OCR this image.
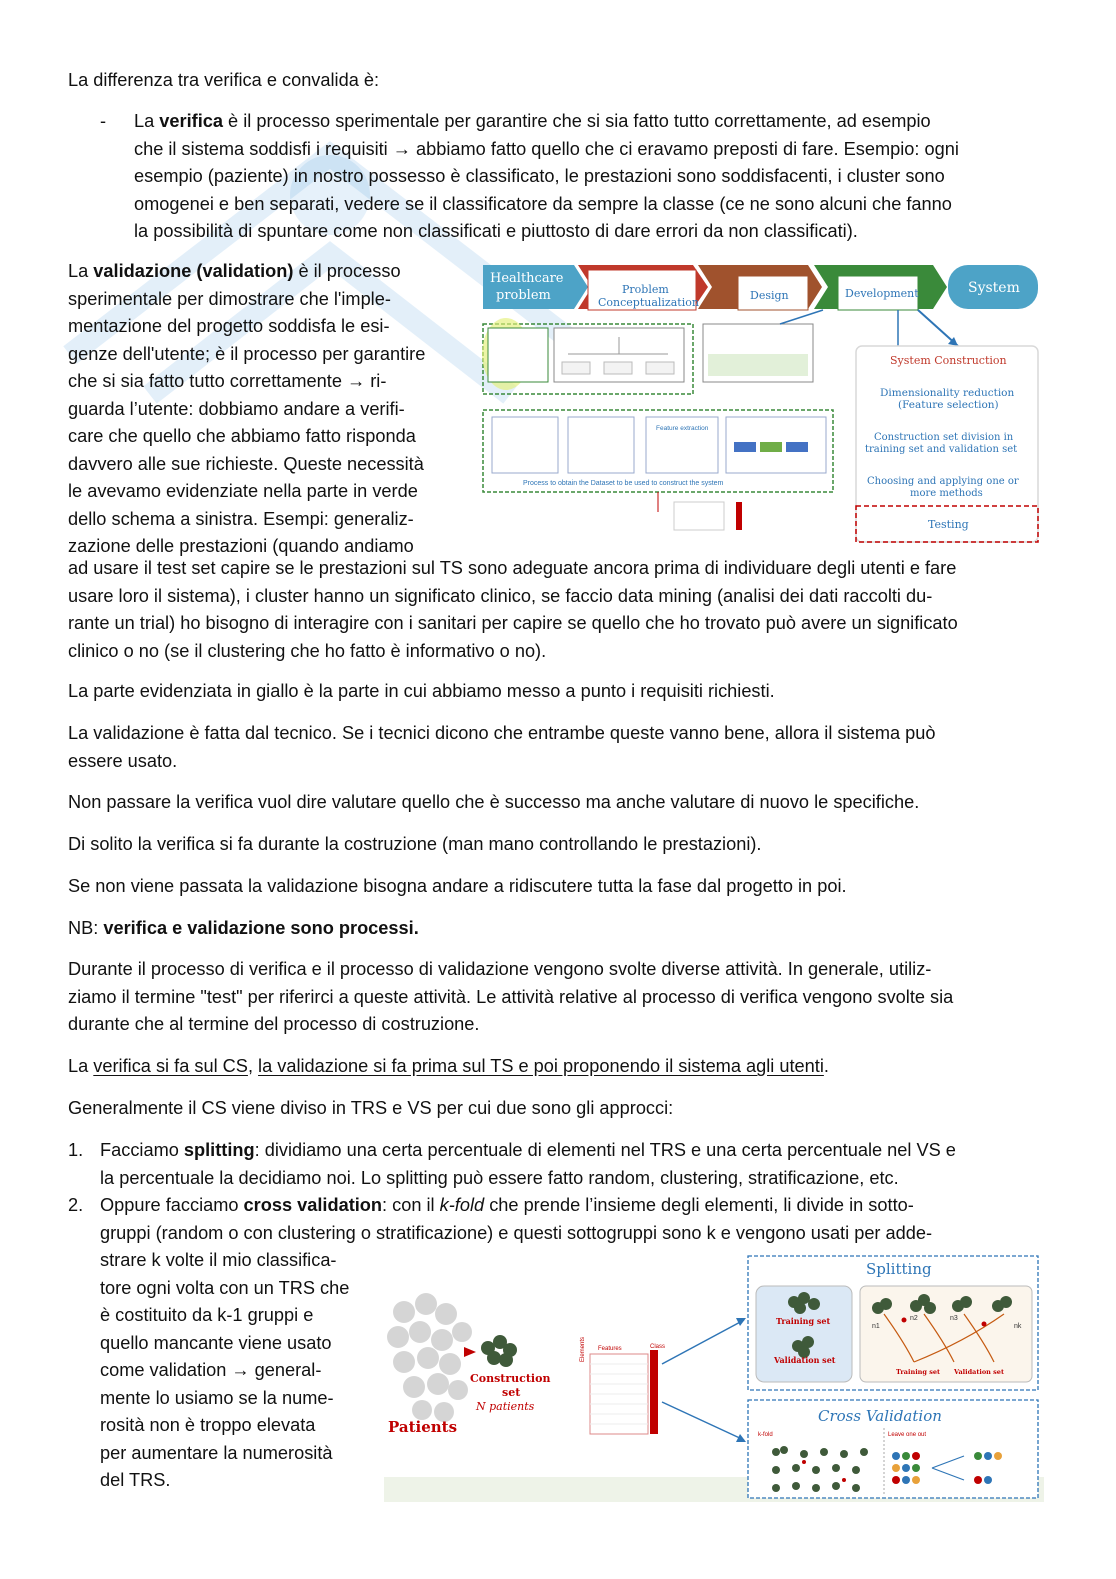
La differenza tra verifica e convalida è:

- La verifica è il processo sperimentale per garantire che si sia fatto tutto correttamente, ad esempio

che il sistema soddisfi i requisiti → abbiamo fatto quello che ci eravamo preposti di fare. Esempio: ogni

esempio (paziente) in nostro possesso è classificato, le prestazioni sono soddisfacenti, i cluster sono

omogenei e ben separati, vedere se il classificatore da sempre la classe (ce ne sono alcuni che fanno

la possibilità di spuntare come non classificati e piuttosto di dare errori da non classificati).

La validazione (validation) è il processo

sperimentale per dimostrare che l'imple-

mentazione del progetto soddisfa le esi-

genze dell'utente; è il processo per garantire

che si sia fatto tutto correttamente → ri-

guarda l’utente: dobbiamo andare a verifi-

care che quello che abbiamo fatto risponda

davvero alle sue richieste. Queste necessità

le avevamo evidenziate nella parte in verde

dello schema a sinistra. Esempi: generaliz-

zazione delle prestazioni (quando andiamo

ad usare il test set capire se le prestazioni sul TS sono adeguate ancora prima di individuare degli utenti e fare

usare loro il sistema), i cluster hanno un significato clinico, se faccio data mining (analisi dei dati raccolti du-

rante un trial) ho bisogno di interagire con i sanitari per capire se quello che ho trovato può avere un significato

clinico o no (se il clustering che ho fatto è informativo o no).

Healthcare
problem	Problem
Conceptualization
Design	Development	System
Feature extraction
Process to obtain the Dataset to be used to construct the system
System Construction
Dimensionality reduction
(Feature selection)
Construction set division in
training set and validation set
Choosing and applying one or
more methods
Testing

La parte evidenziata in giallo è la parte in cui abbiamo messo a punto i requisiti richiesti.

La validazione è fatta dal tecnico. Se i tecnici dicono che entrambe queste vanno bene, allora il sistema può

essere usato.

Non passare la verifica vuol dire valutare quello che è successo ma anche valutare di nuovo le specifiche.

Di solito la verifica si fa durante la costruzione (man mano controllando le prestazioni).

Se non viene passata la validazione bisogna andare a ridiscutere tutta la fase dal progetto in poi.

NB: verifica e validazione sono processi.

Durante il processo di verifica e il processo di validazione vengono svolte diverse attività. In generale, utiliz-

ziamo il termine "test" per riferirci a queste attività. Le attività relative al processo di verifica vengono svolte sia

durante che al termine del processo di costruzione.

La verifica si fa sul CS, la validazione si fa prima sul TS e poi proponendo il sistema agli utenti.

Generalmente il CS viene diviso in TRS e VS per cui due sono gli approcci:

1. Facciamo splitting: dividiamo una certa percentuale di elementi nel TRS e una certa percentuale nel VS e

la percentuale la decidiamo noi. Lo splitting può essere fatto random, clustering, stratificazione, etc.

2. Oppure facciamo cross validation: con il k-fold che prende l’insieme degli elementi, li divide in sotto-

gruppi (random o con clustering o stratificazione) e questi sottogruppi sono k e vengono usati per adde-

strare k volte il mio classifica-

tore ogni volta con un TRS che

è costituito da k-1 gruppi e

quello mancante viene usato

come validation → general-

mente lo usiamo se la nume-

rosità non è troppo elevata

per aumentare la numerosità

del TRS.

Patients
Construction
set
N patients
Elements Features	Class
Splitting
Training set
Validation set
n1
n2	n3
nk
Training set Validation set
Cross Validation
k-fold	Leave one out
